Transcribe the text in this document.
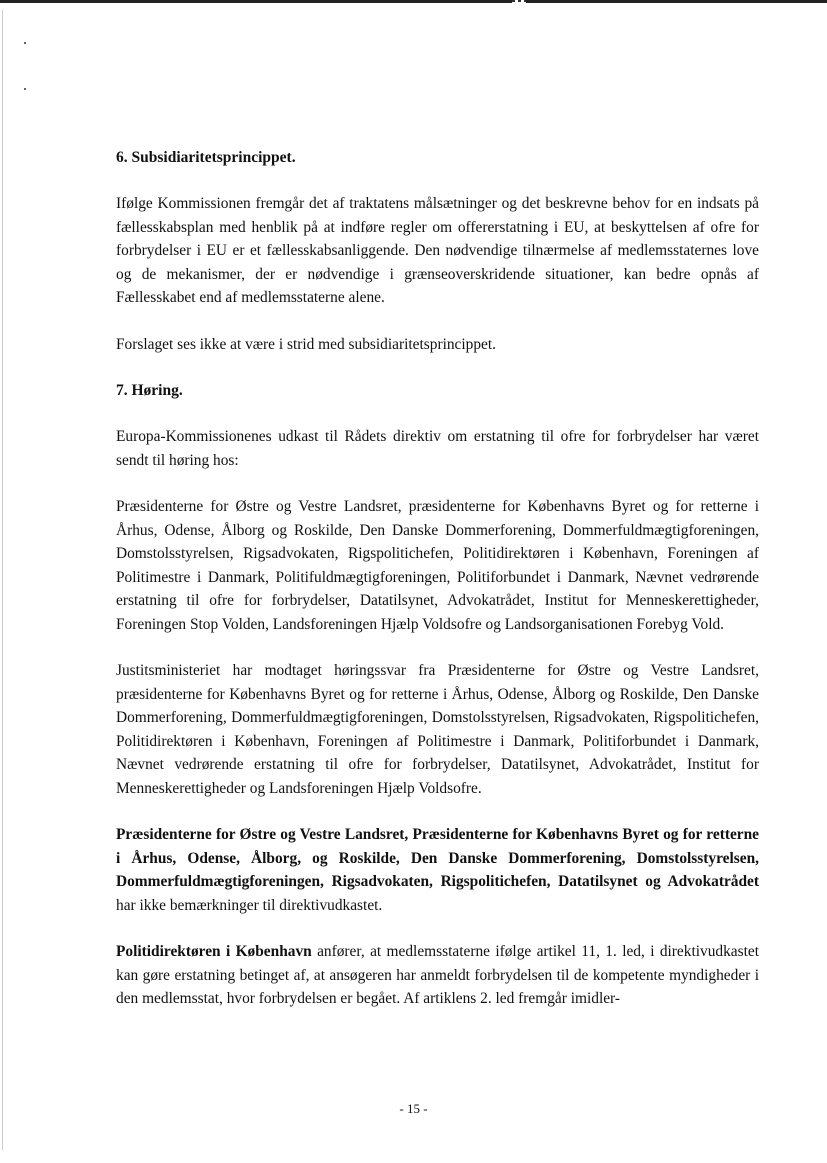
6. Subsidiaritetsprincippet.

Ifølge Kommissionen fremgår det af traktatens målsætninger og det beskrevne behov for en indsats på fællesskabsplan med henblik på at indføre regler om offererstatning i EU, at beskyttelsen af ofre for forbrydelser i EU er et fællesskabsanliggende. Den nødvendige tilnærmelse af medlemsstaternes love og de mekanismer, der er nødvendige i grænseoverskridende situationer, kan bedre opnås af Fællesskabet end af medlemsstaterne alene.

Forslaget ses ikke at være i strid med subsidiaritetsprincippet.

7. Høring.

Europa-Kommissionenes udkast til Rådets direktiv om erstatning til ofre for forbrydelser har været sendt til høring hos:

Præsidenterne for Østre og Vestre Landsret, præsidenterne for Københavns Byret og for retterne i Århus, Odense, Ålborg og Roskilde, Den Danske Dommerforening, Dommerfuldmægtigforeningen, Domstolsstyrelsen, Rigsadvokaten, Rigspolitichefen, Politidirektøren i København, Foreningen af Politimestre i Danmark, Politifuldmægtigforeningen, Politiforbundet i Danmark, Nævnet vedrørende erstatning til ofre for forbrydelser, Datatilsynet, Advokatrådet, Institut for Menneskerettigheder, Foreningen Stop Volden, Landsforeningen Hjælp Voldsofre og Landsorganisationen Forebyg Vold.

Justitsministeriet har modtaget høringssvar fra Præsidenterne for Østre og Vestre Landsret, præsidenterne for Københavns Byret og for retterne i Århus, Odense, Ålborg og Roskilde, Den Danske Dommerforening, Dommerfuldmægtigforeningen, Domstolsstyrelsen, Rigsadvokaten, Rigspolitichefen, Politidirektøren i København, Foreningen af Politimestre i Danmark, Politiforbundet i Danmark, Nævnet vedrørende erstatning til ofre for forbrydelser, Datatilsynet, Advokatrådet, Institut for Menneskerettigheder og Landsforeningen Hjælp Voldsofre.

Præsidenterne for Østre og Vestre Landsret, Præsidenterne for Københavns Byret og for retterne i Århus, Odense, Ålborg, og Roskilde, Den Danske Dommerforening, Domstolsstyrelsen, Dommerfuldmægtigforeningen, Rigsadvokaten, Rigspolitichefen, Datatilsynet og Advokatrådet har ikke bemærkninger til direktivudkastet.

Politidirektøren i København anfører, at medlemsstaterne ifølge artikel 11, 1. led, i direktivudkastet kan gøre erstatning betinget af, at ansøgeren har anmeldt forbrydelsen til de kompetente myndigheder i den medlemsstat, hvor forbrydelsen er begået. Af artiklens 2. led fremgår imidler-

- 15 -
